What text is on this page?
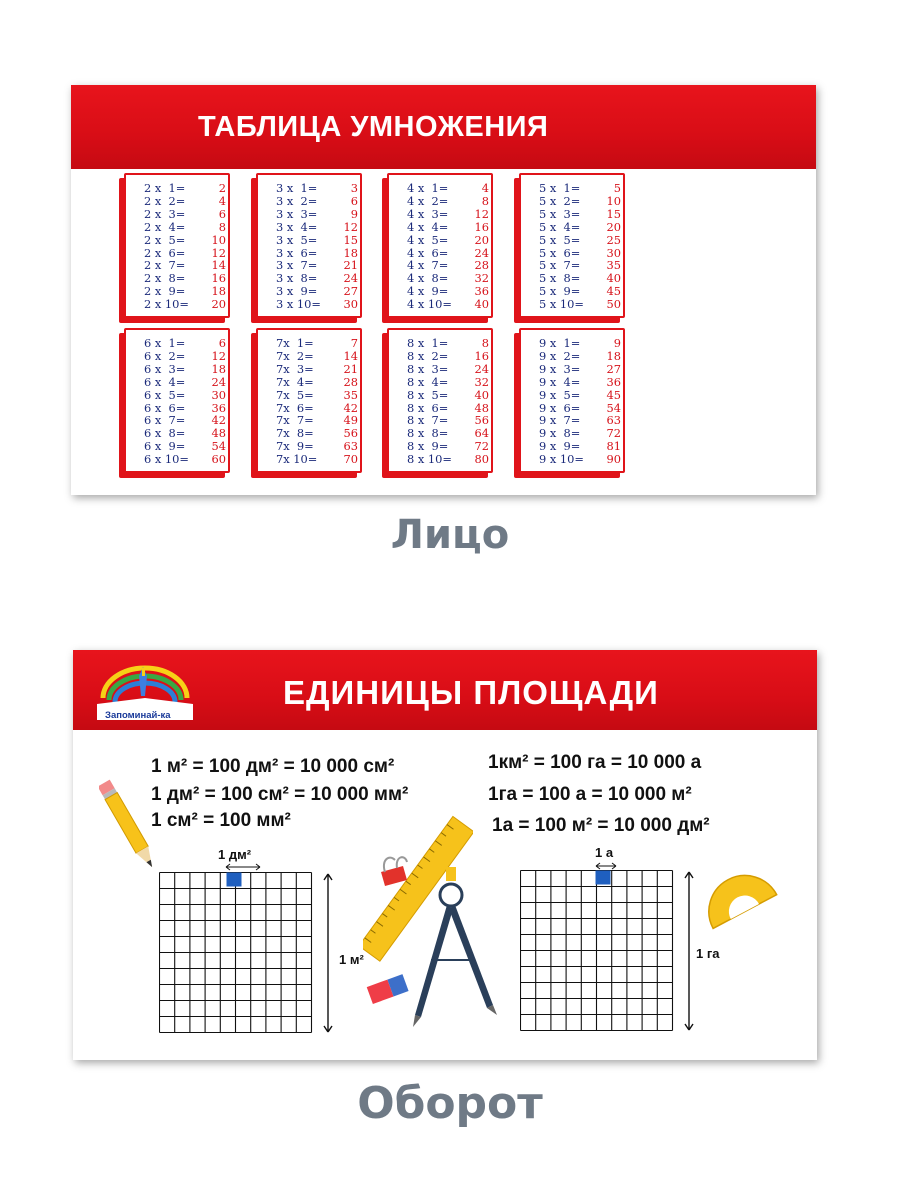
ТАБЛИЦА УМНОЖЕНИЯ
2 x  1=	2
2 x  2=	4
2 x  3=	6
2 x  4=	8
2 x  5=	10
2 x  6=	12
2 x  7=	14
2 x  8=	16
2 x  9=	18
2 x 10=	20
3 x  1=	3
3 x  2=	6
3 x  3=	9
3 x  4=	12
3 x  5=	15
3 x  6=	18
3 x  7=	21
3 x  8=	24
3 x  9=	27
3 x 10=	30
4 x  1=	4
4 x  2=	8
4 x  3=	12
4 x  4=	16
4 x  5=	20
4 x  6=	24
4 x  7=	28
4 x  8=	32
4 x  9=	36
4 x 10=	40
5 x  1=	5
5 x  2=	10
5 x  3=	15
5 x  4=	20
5 x  5=	25
5 x  6=	30
5 x  7=	35
5 x  8=	40
5 x  9=	45
5 x 10=	50
6 x  1=	6
6 x  2=	12
6 x  3=	18
6 x  4=	24
6 x  5=	30
6 x  6=	36
6 x  7=	42
6 x  8=	48
6 x  9=	54
6 x 10=	60
7x  1=	7
7x  2=	14
7x  3=	21
7x  4=	28
7x  5=	35
7x  6=	42
7x  7=	49
7x  8=	56
7x  9=	63
7x 10=	70
8 x  1=	8
8 x  2=	16
8 x  3=	24
8 x  4=	32
8 x  5=	40
8 x  6=	48
8 x  7=	56
8 x  8=	64
8 x  9=	72
8 x 10=	80
9 x  1=	9
9 x  2=	18
9 x  3=	27
9 x  4=	36
9 x  5=	45
9 x  6=	54
9 x  7=	63
9 x  8=	72
9 x  9=	81
9 x 10=	90
Лицо
Запоминай-ка
ЕДИНИЦЫ ПЛОЩАДИ
1 м² = 100 дм² = 10 000 см²
1 дм² = 100 см² = 10 000 мм²
1 см² = 100 мм²
1км² = 100 га = 10 000 а
1га = 100 а = 10 000 м²
1а = 100 м² = 10 000 дм²
1 дм²
1 м²
1 а
1 га
Оборот
